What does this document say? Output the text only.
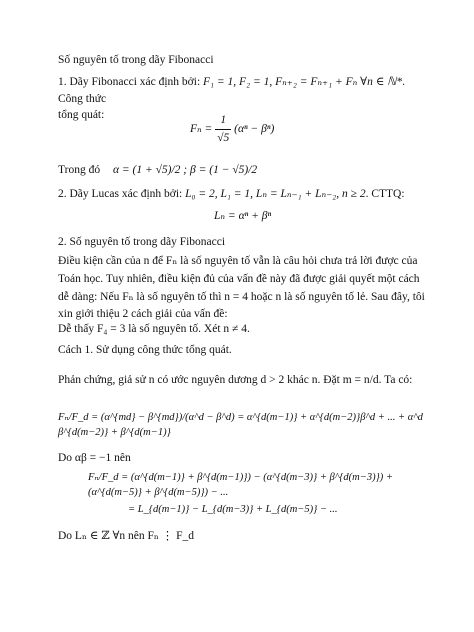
Số nguyên tố trong dãy Fibonacci
1. Dãy Fibonacci xác định bởi: F₁ = 1, F₂ = 1, Fₙ₊₂ = Fₙ₊₁ + Fₙ ∀n ∈ ℕ*. Công thức
tổng quát:
$F_n = \frac{1}{√5} (\alpha^n - \beta^n)$
Trong đó α = (1 + √5)/2 ; β = (1 − √5)/2
2. Dãy Lucas xác định bởi: L₀ = 2, L₁ = 1, Lₙ = Lₙ₋₁ + Lₙ₋₂, n ≥ 2. CTTQ:
Lₙ = αⁿ + βⁿ
2. Số nguyên tố trong dãy Fibonacci
Điều kiện cần của n để Fₙ là số nguyên tố vẫn là câu hỏi chưa trả lời được của Toán học. Tuy nhiên, điều kiện đủ của vấn đề này đã được giải quyết một cách dễ dàng: Nếu Fₙ là số nguyên tố thì n = 4 hoặc n là số nguyên tố lẻ. Sau đây, tôi xin giới thiệu 2 cách giải của vấn đề:
Dễ thấy F₄ = 3 là số nguyên tố. Xét n ≠ 4.
Cách 1. Sử dụng công thức tổng quát.
Phản chứng, giả sử n có ước nguyên dương d > 2 khác n. Đặt m = n/d. Ta có:
Fₙ/F_d = (α^{md} − β^{md})/(α^d − β^d) = α^{d(m−1)} + α^{d(m−2)}β^d + ... + α^d β^{d(m−2)} + β^{d(m−1)}
Do αβ = −1 nên
Fₙ/F_d = (α^{d(m−1)} + β^{d(m−1)}) − (α^{d(m−3)} + β^{d(m−3)}) + (α^{d(m−5)} + β^{d(m−5)}) − ...
= L_{d(m−1)} − L_{d(m−3)} + L_{d(m−5)} − ...
Do Lₙ ∈ ℤ ∀n nên Fₙ ⋮ F_d
